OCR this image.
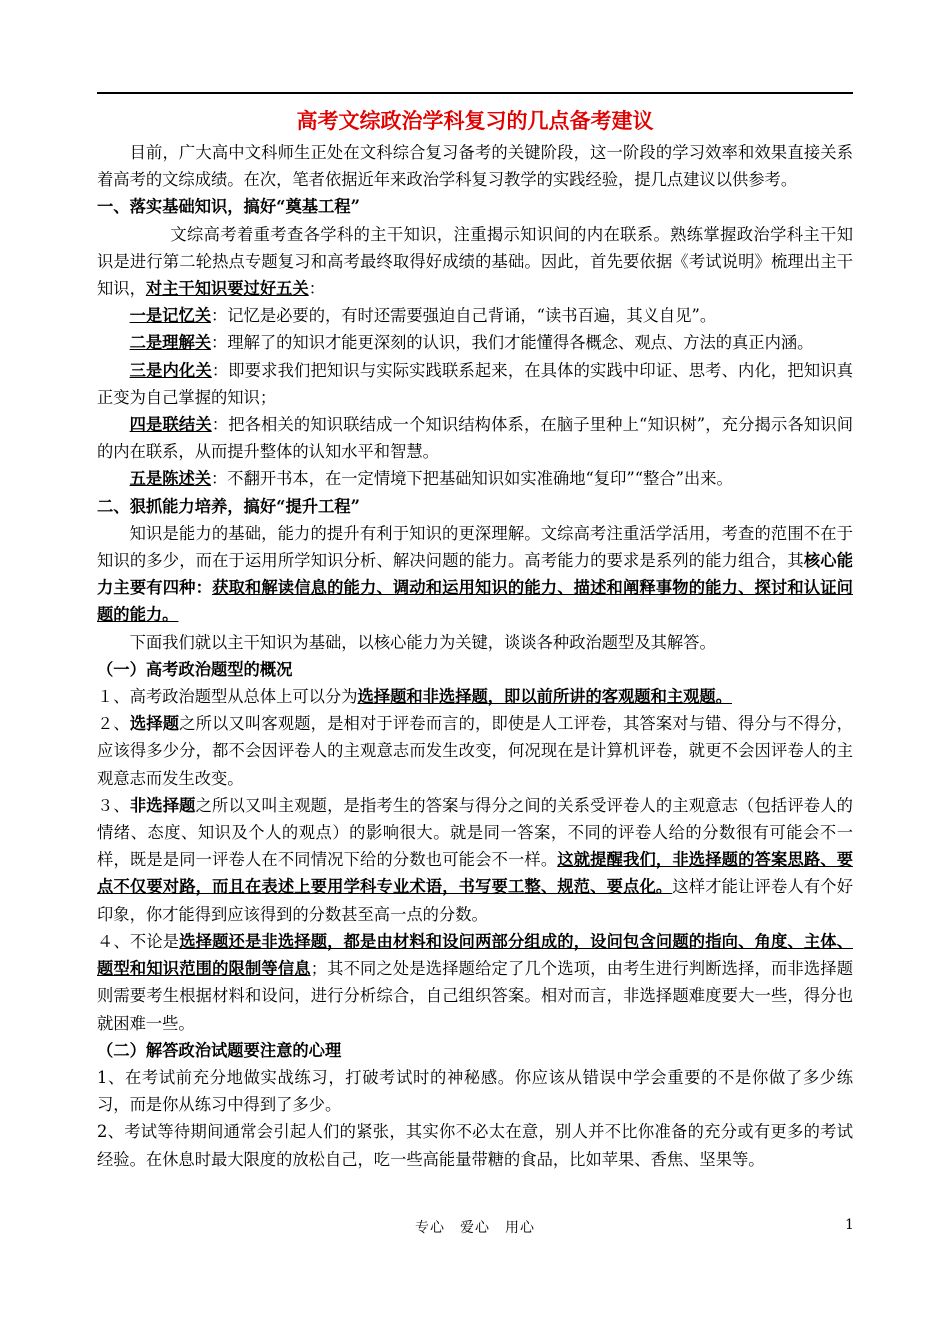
高考文综政治学科复习的几点备考建议

目前，广大高中文科师生正处在文科综合复习备考的关键阶段，这一阶段的学习效率和效果直接关系着高考的文综成绩。在次，笔者依据近年来政治学科复习教学的实践经验，提几点建议以供参考。

一、落实基础知识，搞好“奠基工程”

文综高考着重考查各学科的主干知识，注重揭示知识间的内在联系。熟练掌握政治学科主干知识是进行第二轮热点专题复习和高考最终取得好成绩的基础。因此，首先要依据《考试说明》梳理出主干知识，对主干知识要过好五关：

一是记忆关：记忆是必要的，有时还需要强迫自己背诵，“读书百遍，其义自见”。

二是理解关：理解了的知识才能更深刻的认识，我们才能懂得各概念、观点、方法的真正内涵。

三是内化关：即要求我们把知识与实际实践联系起来，在具体的实践中印证、思考、内化，把知识真正变为自己掌握的知识；

四是联结关：把各相关的知识联结成一个知识结构体系，在脑子里种上“知识树”，充分揭示各知识间的内在联系，从而提升整体的认知水平和智慧。

五是陈述关：不翻开书本，在一定情境下把基础知识如实准确地“复印”“整合”出来。

二、狠抓能力培养，搞好“提升工程”

知识是能力的基础，能力的提升有利于知识的更深理解。文综高考注重活学活用，考查的范围不在于知识的多少，而在于运用所学知识分析、解决问题的能力。高考能力的要求是系列的能力组合，其核心能力主要有四种：获取和解读信息的能力、调动和运用知识的能力、描述和阐释事物的能力、探讨和认证问题的能力。

下面我们就以主干知识为基础，以核心能力为关键，谈谈各种政治题型及其解答。

（一）高考政治题型的概况

１、高考政治题型从总体上可以分为选择题和非选择题，即以前所讲的客观题和主观题。

２、选择题之所以又叫客观题，是相对于评卷而言的，即使是人工评卷，其答案对与错、得分与不得分，应该得多少分，都不会因评卷人的主观意志而发生改变，何况现在是计算机评卷，就更不会因评卷人的主观意志而发生改变。

３、非选择题之所以又叫主观题，是指考生的答案与得分之间的关系受评卷人的主观意志（包括评卷人的情绪、态度、知识及个人的观点）的影响很大。就是同一答案，不同的评卷人给的分数很有可能会不一样，既是是同一评卷人在不同情况下给的分数也可能会不一样。这就提醒我们，非选择题的答案思路、要点不仅要对路，而且在表述上要用学科专业术语，书写要工整、规范、要点化。这样才能让评卷人有个好印象，你才能得到应该得到的分数甚至高一点的分数。

４、不论是选择题还是非选择题，都是由材料和设问两部分组成的，设问包含问题的指向、角度、主体、题型和知识范围的限制等信息；其不同之处是选择题给定了几个选项，由考生进行判断选择，而非选择题则需要考生根据材料和设问，进行分析综合，自己组织答案。相对而言，非选择题难度要大一些，得分也就困难一些。

（二）解答政治试题要注意的心理

1、在考试前充分地做实战练习，打破考试时的神秘感。你应该从错误中学会重要的不是你做了多少练习，而是你从练习中得到了多少。

2、考试等待期间通常会引起人们的紧张，其实你不必太在意，别人并不比你准备的充分或有更多的考试经验。在休息时最大限度的放松自己，吃一些高能量带糖的食品，比如苹果、香焦、坚果等。

专心　爱心　用心	1
